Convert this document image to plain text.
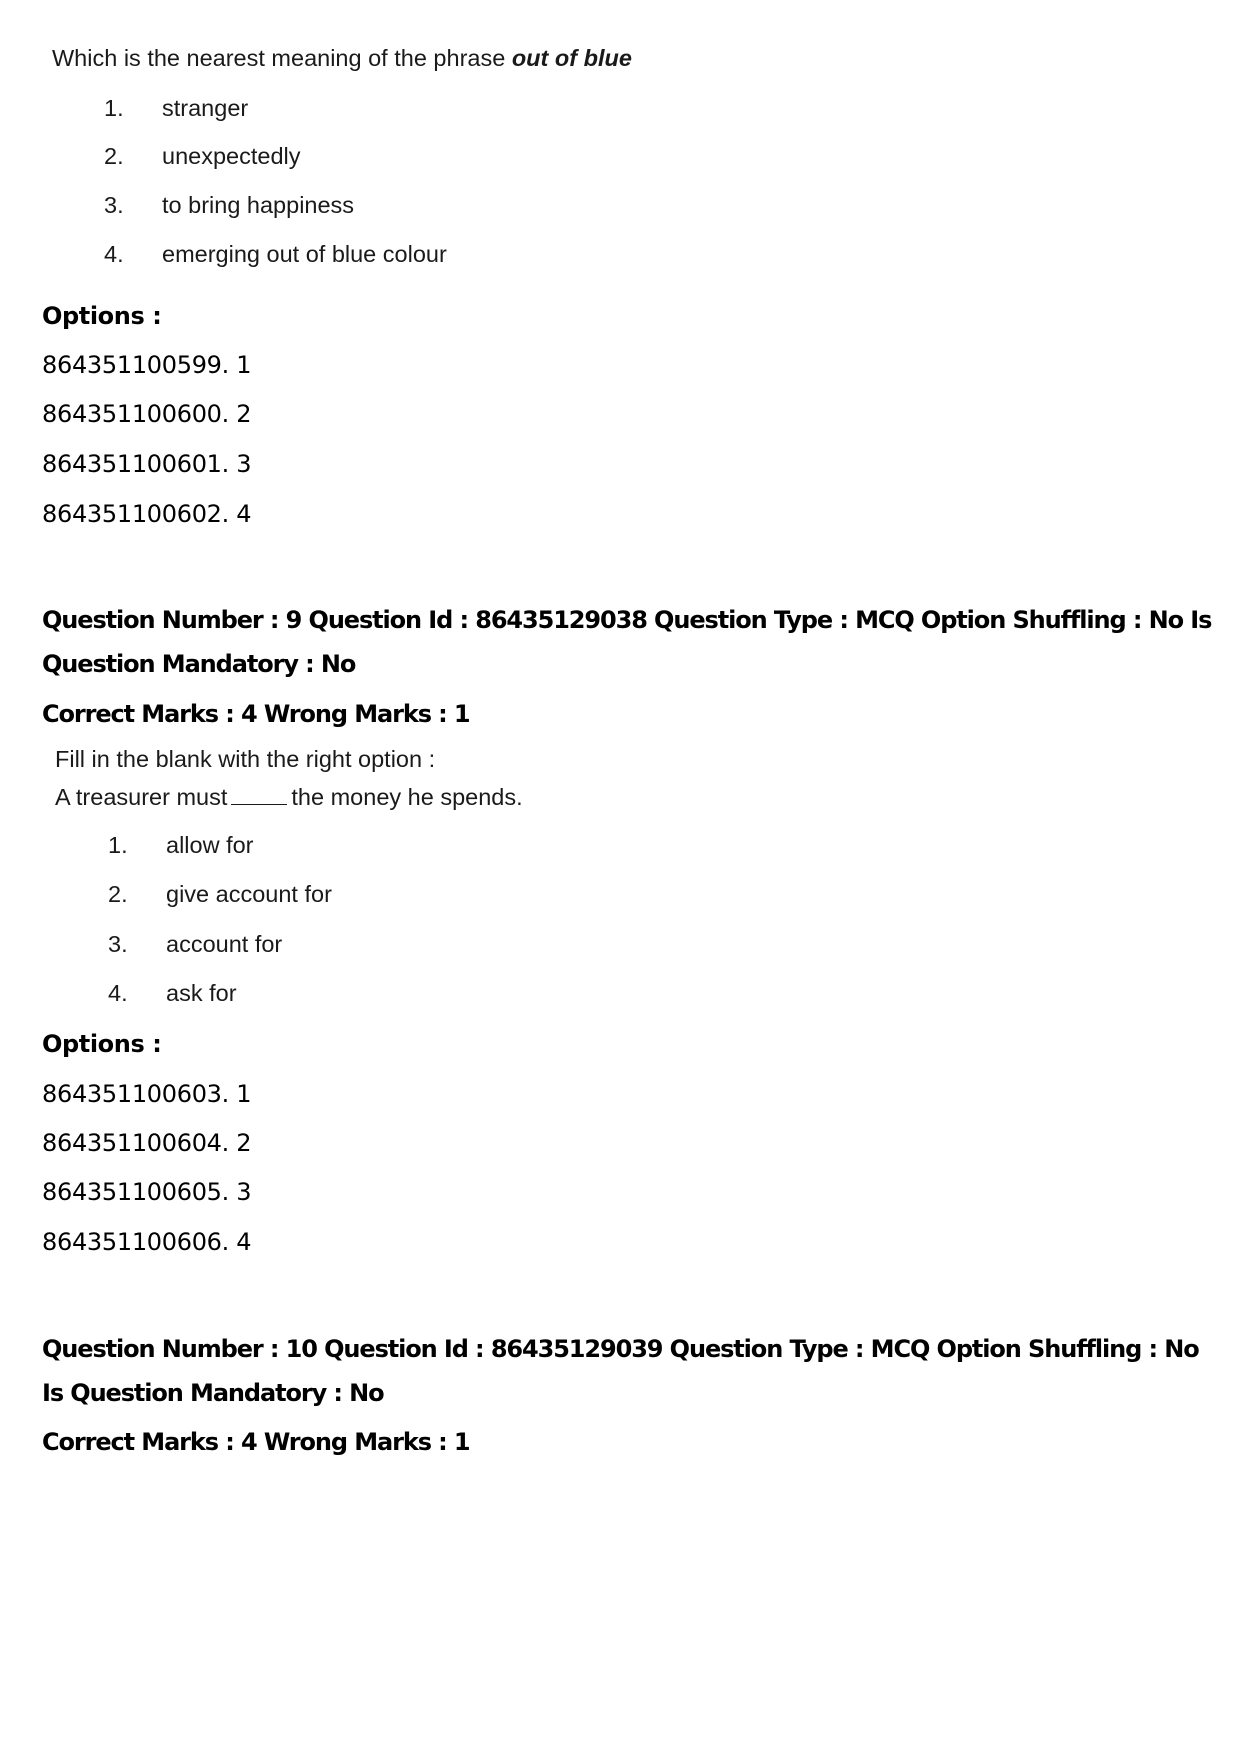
Which is the nearest meaning of the phrase out of blue
1. stranger
2. unexpectedly
3. to bring happiness
4. emerging out of blue colour
Options :
864351100599. 1
864351100600. 2
864351100601. 3
864351100602. 4
Question Number : 9 Question Id : 86435129038 Question Type : MCQ Option Shuffling : No Is
Question Mandatory : No
Correct Marks : 4 Wrong Marks : 1
Fill in the blank with the right option :
A treasurer must	the money he spends.
1. allow for
2. give account for
3. account for
4. ask for
Options :
864351100603. 1
864351100604. 2
864351100605. 3
864351100606. 4
Question Number : 10 Question Id : 86435129039 Question Type : MCQ Option Shuffling : No
Is Question Mandatory : No
Correct Marks : 4 Wrong Marks : 1
